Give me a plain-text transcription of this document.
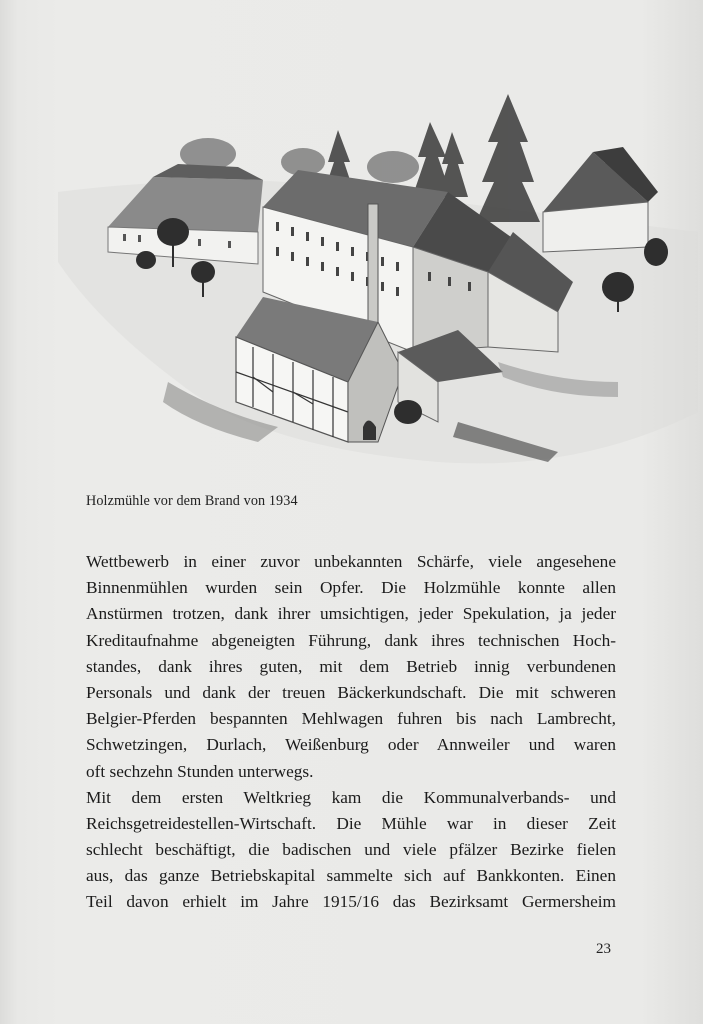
Holzmühle vor dem Brand von 1934
Wettbewerb in einer zuvor unbekannten Schärfe, viele angesehene
Binnenmühlen wurden sein Opfer. Die Holzmühle konnte allen
Anstürmen trotzen, dank ihrer umsichtigen, jeder Spekulation, ja jeder
Kreditaufnahme abgeneigten Führung, dank ihres technischen Hoch-
standes, dank ihres guten, mit dem Betrieb innig verbundenen
Personals und dank der treuen Bäckerkundschaft. Die mit schweren
Belgier-Pferden bespannten Mehlwagen fuhren bis nach Lambrecht,
Schwetzingen, Durlach, Weißenburg oder Annweiler und waren
oft sechzehn Stunden unterwegs.
Mit dem ersten Weltkrieg kam die Kommunalverbands- und
Reichsgetreidestellen-Wirtschaft. Die Mühle war in dieser Zeit
schlecht beschäftigt, die badischen und viele pfälzer Bezirke fielen
aus, das ganze Betriebskapital sammelte sich auf Bankkonten. Einen
Teil davon erhielt im Jahre 1915/16 das Bezirksamt Germersheim
23
